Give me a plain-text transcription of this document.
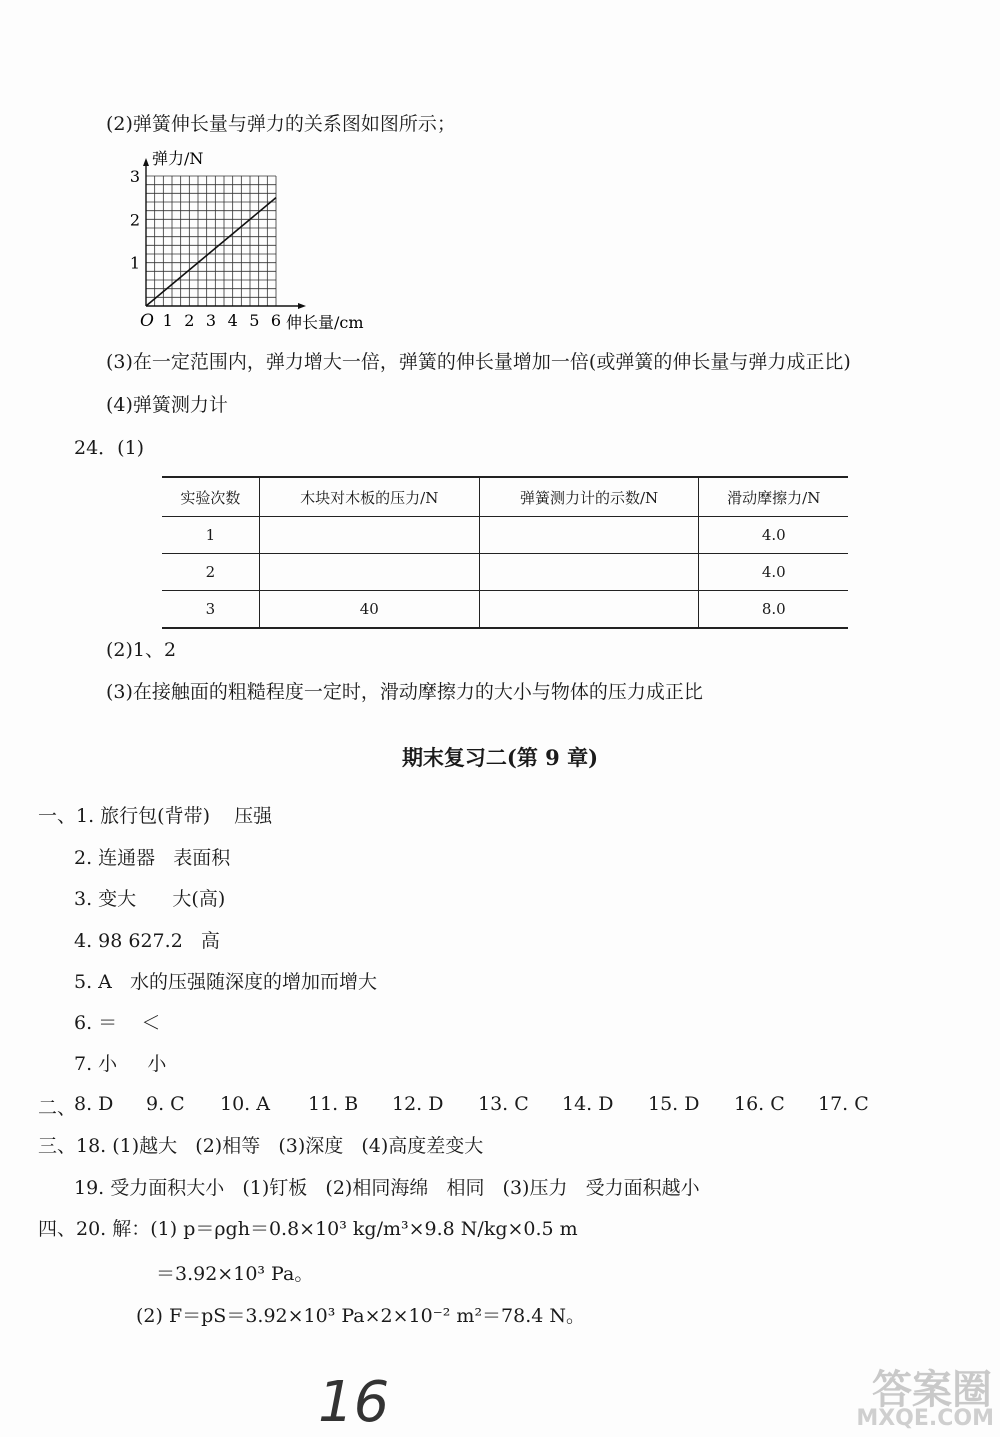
(2)弹簧伸长量与弹力的关系图如图所示；
1 2 3 4 5 6
1
2
3
弹力/N
伸长量/cm
O
(3)在一定范围内，弹力增大一倍，弹簧的伸长量增加一倍(或弹簧的伸长量与弹力成正比)
(4)弹簧测力计
24．(1)
实验次数	木块对木板的压力/N	弹簧测力计的示数/N	滑动摩擦力/N
1			4.0
2			4.0
3	40		8.0
(2)1、2
(3)在接触面的粗糙程度一定时，滑动摩擦力的大小与物体的压力成正比
期末复习二(第 9 章)
一、1. 旅行包(背带)    压强
2. 连通器   表面积
3. 变大      大(高)
4. 98 627.2   高
5. A   水的压强随深度的增加而增大
6. ＝    ＜
7. 小     小
二、
8. D 9. C 10. A 11. B 12. D 13. C 14. D 15. D 16. C 17. C
三、18. (1)越大   (2)相等   (3)深度   (4)高度差变大
19. 受力面积大小   (1)钉板   (2)相同海绵   相同   (3)压力   受力面积越小
四、20. 解：(1) p＝ρgh＝0.8×10³ kg/m³×9.8 N/kg×0.5 m
＝3.92×10³ Pa。
(2) F＝pS＝3.92×10³ Pa×2×10⁻² m²＝78.4 N。
16	答案圈
MXQE.COM
